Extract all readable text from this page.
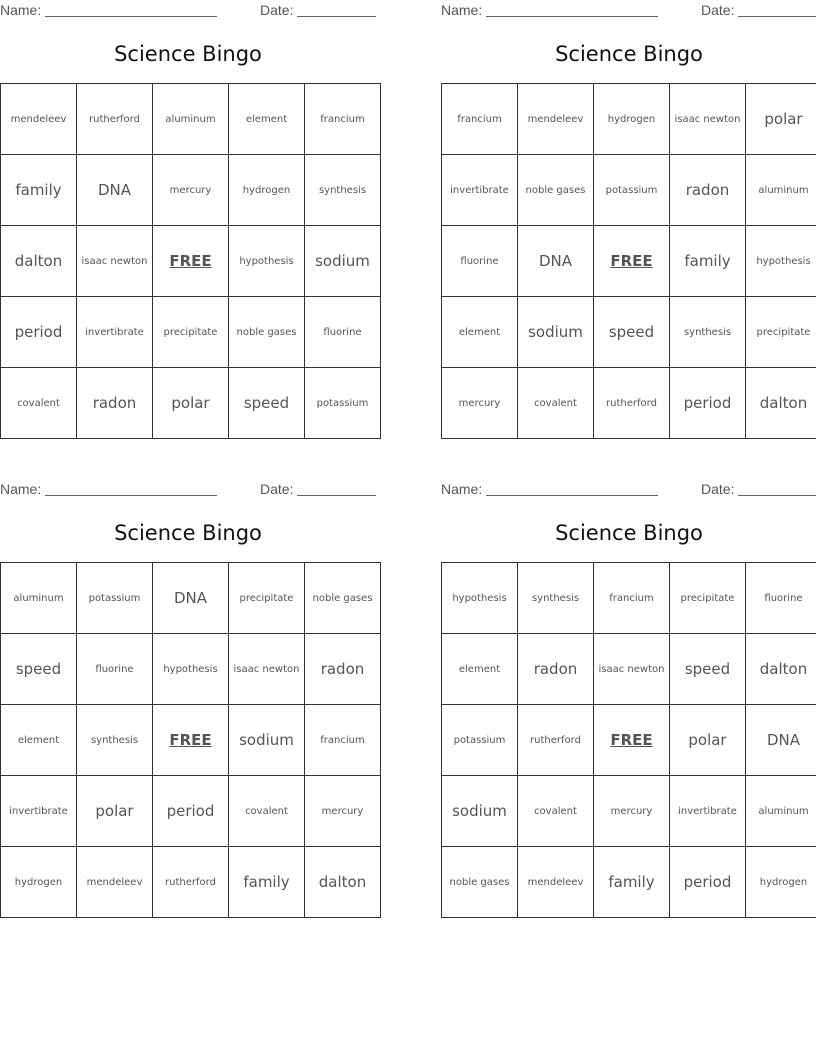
Name:	Date:
Science Bingo
mendeleev	rutherford	aluminum	element	francium
family	DNA	mercury	hydrogen	synthesis
dalton	isaac newton	FREE	hypothesis	sodium
period	invertibrate	precipitate	noble gases	fluorine
covalent	radon	polar	speed	potassium
Name:	Date:
Science Bingo
francium	mendeleev	hydrogen	isaac newton	polar
invertibrate	noble gases	potassium	radon	aluminum
fluorine	DNA	FREE	family	hypothesis
element	sodium	speed	synthesis	precipitate
mercury	covalent	rutherford	period	dalton
Name:	Date:
Science Bingo
aluminum	potassium	DNA	precipitate	noble gases
speed	fluorine	hypothesis	isaac newton	radon
element	synthesis	FREE	sodium	francium
invertibrate	polar	period	covalent	mercury
hydrogen	mendeleev	rutherford	family	dalton
Name:	Date:
Science Bingo
hypothesis	synthesis	francium	precipitate	fluorine
element	radon	isaac newton	speed	dalton
potassium	rutherford	FREE	polar	DNA
sodium	covalent	mercury	invertibrate	aluminum
noble gases	mendeleev	family	period	hydrogen
